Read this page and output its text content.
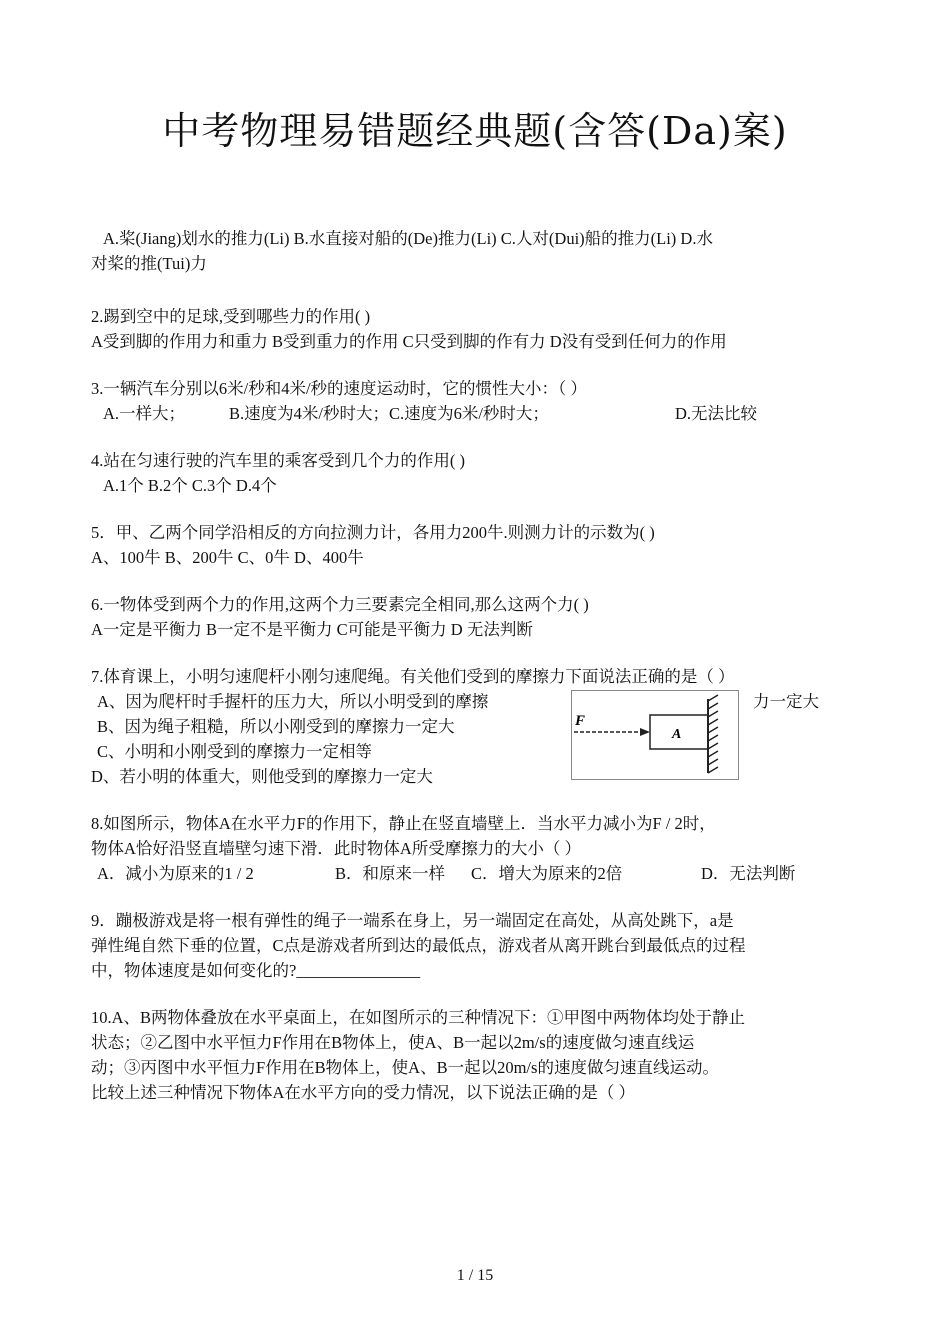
中考物理易错题经典题(含答(Da)案)
A.桨(Jiang)划水的推力(Li) B.水直接对船的(De)推力(Li) C.人对(Dui)船的推力(Li) D.水
对桨的推(Tui)力
2.踢到空中的足球,受到哪些力的作用( )
A受到脚的作用力和重力 B受到重力的作用 C只受到脚的作有力 D没有受到任何力的作用
3.一辆汽车分别以6米/秒和4米/秒的速度运动时，它的惯性大小：（ ）
A.一样大；	B.速度为4米/秒时大；C.速度为6米/秒时大；	D.无法比较
4.站在匀速行驶的汽车里的乘客受到几个力的作用( )
A.1个 B.2个 C.3个 D.4个
5．甲、乙两个同学沿相反的方向拉测力计，各用力200牛.则测力计的示数为( )
A、100牛 B、200牛 C、0牛 D、400牛
6.一物体受到两个力的作用,这两个力三要素完全相同,那么这两个力( )
A一定是平衡力 B一定不是平衡力 C可能是平衡力 D 无法判断
7.体育课上，小明匀速爬杆小刚匀速爬绳。有关他们受到的摩擦力下面说法正确的是（ ）
A、因为爬杆时手握杆的压力大，所以小明受到的摩擦
B、因为绳子粗糙，所以小刚受到的摩擦力一定大
C、小明和小刚受到的摩擦力一定相等
D、若小明的体重大，则他受到的摩擦力一定大
力一定大
F
A
8.如图所示，物体A在水平力F的作用下，静止在竖直墙壁上．当水平力减小为F / 2时，
物体A恰好沿竖直墙壁匀速下滑．此时物体A所受摩擦力的大小（ ）
A．减小为原来的1 / 2	B．和原来一样 C．增大为原来的2倍	D．无法判断
9．蹦极游戏是将一根有弹性的绳子一端系在身上，另一端固定在高处，从高处跳下，a是
弹性绳自然下垂的位置，C点是游戏者所到达的最低点，游戏者从离开跳台到最低点的过程
中，物体速度是如何变化的?_______________
10.A、B两物体叠放在水平桌面上，在如图所示的三种情况下：①甲图中两物体均处于静止
状态；②乙图中水平恒力F作用在B物体上，使A、B一起以2m/s的速度做匀速直线运
动；③丙图中水平恒力F作用在B物体上，使A、B一起以20m/s的速度做匀速直线运动。
比较上述三种情况下物体A在水平方向的受力情况，以下说法正确的是（ ）
1 / 15
